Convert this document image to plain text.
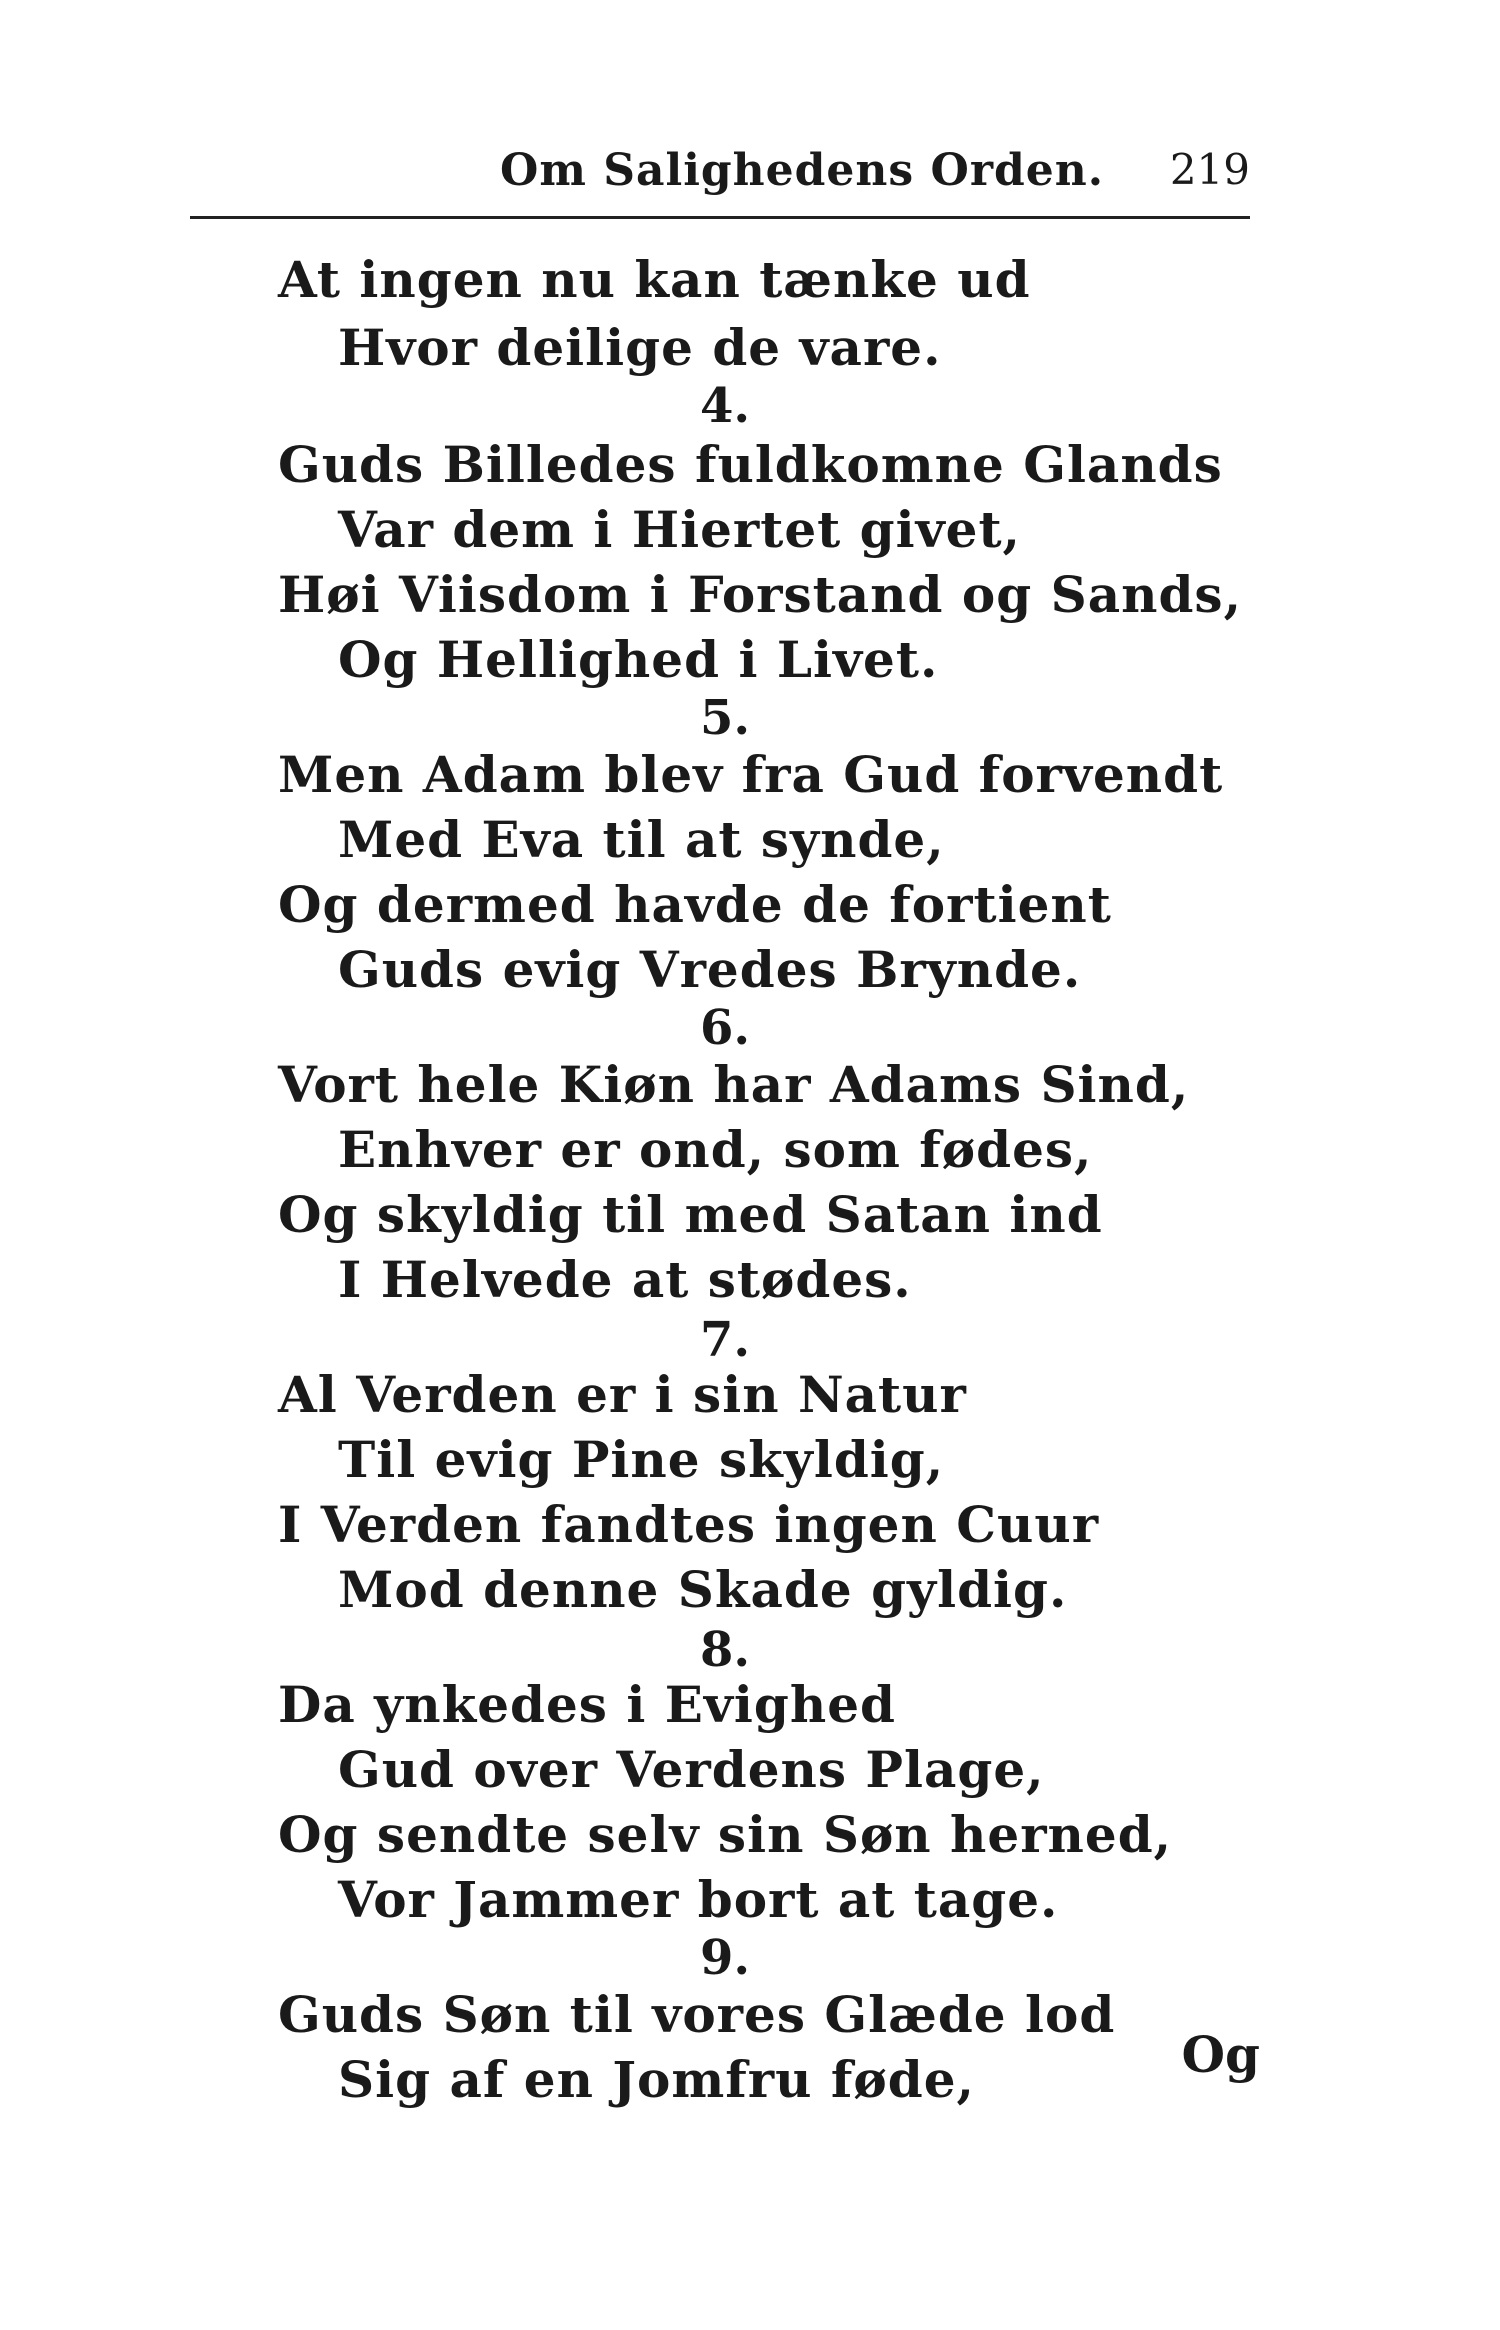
Om Salighedens Orden. 219
At ingen nu kan tænke ud
Hvor deilige de vare.
4.
Guds Billedes fuldkomne Glands
Var dem i Hiertet givet,
Høi Viisdom i Forstand og Sands,
Og Hellighed i Livet.
5.
Men Adam blev fra Gud forvendt
Med Eva til at synde,
Og dermed havde de fortient
Guds evig Vredes Brynde.
6.
Vort hele Kiøn har Adams Sind,
Enhver er ond, som fødes,
Og skyldig til med Satan ind
I Helvede at stødes.
7.
Al Verden er i sin Natur
Til evig Pine skyldig,
I Verden fandtes ingen Cuur
Mod denne Skade gyldig.
8.
Da ynkedes i Evighed
Gud over Verdens Plage,
Og sendte selv sin Søn herned,
Vor Jammer bort at tage.
9.
Guds Søn til vores Glæde lod
Sig af en Jomfru føde,	Og
